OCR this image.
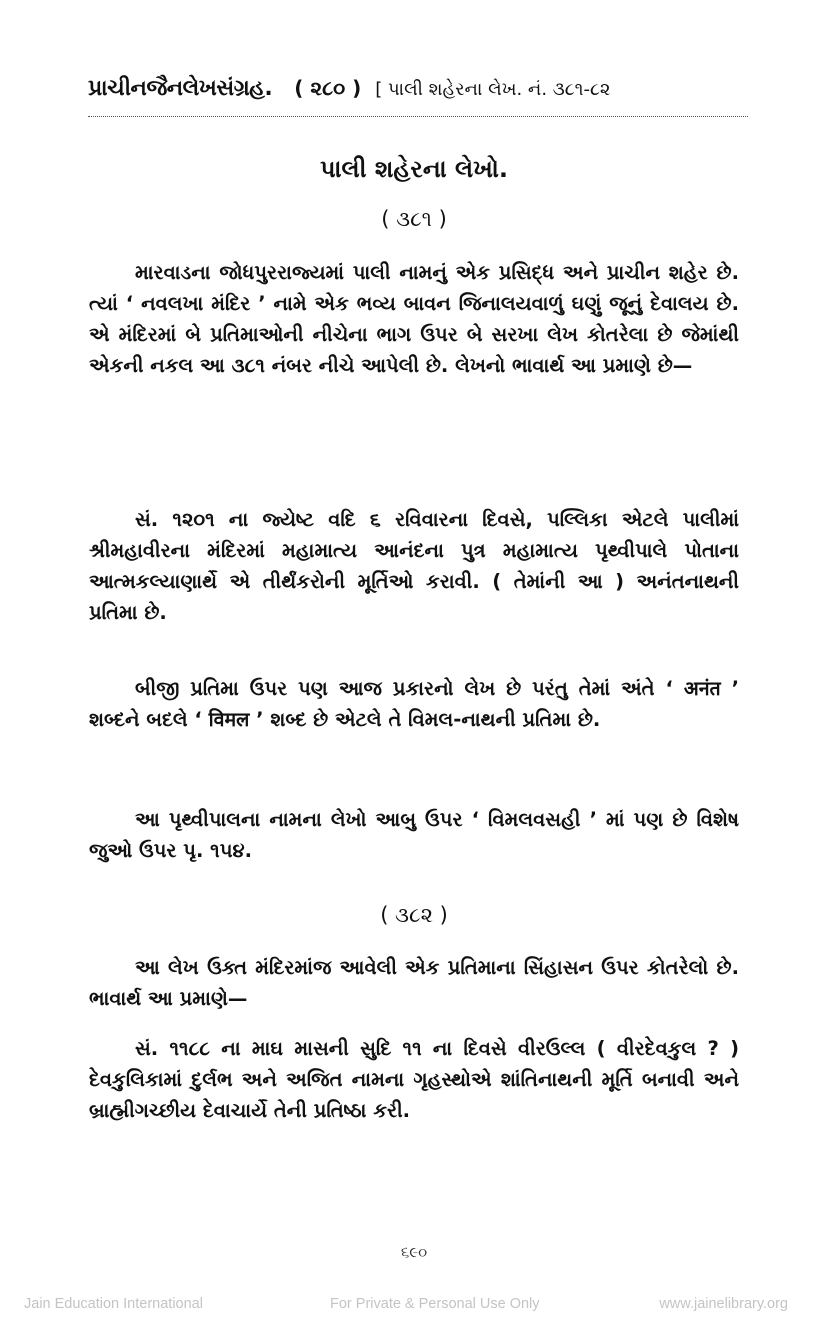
પ્રાચીનજૈનલેખસંગ્રહ. ( ૨૮૦ ) [ પાલી શહેરના લેખ. નં. ૩૮૧-૮૨
પાલી શહેરના લેખો.
( ૩૮૧ )
મારવાડના જોધપુરરાજ્યમાં પાલી નામનું એક પ્રસિદ્ધ અને પ્રાચીન શહેર છે. ત્યાં ‘ નવલખા મંદિર ’ નામે એક ભવ્ય બાવન જિનાલયવાળું ઘણું જૂનું દેવાલય છે. એ મંદિરમાં બે પ્રતિમાઓની નીચેના ભાગ ઉપર બે સરખા લેખ કોતરેલા છે જેમાંથી એકની નકલ આ ૩૮૧ નંબર નીચે આપેલી છે. લેખનો ભાવાર્થ આ પ્રમાણે છે—
સં. ૧૨૦૧ ના જ્યેષ્ટ વદિ ૬ રવિવારના દિવસે, પલ્લિકા એટલે પાલીમાં શ્રીમહાવીરના મંદિરમાં મહામાત્ય આનંદના પુત્ર મહામાત્ય પૃથ્વીપાલે પોતાના આત્મકલ્યાણાર્થે એ તીર્થંકરોની મૂર્તિઓ કરાવી. ( તેમાંની આ ) અનંતનાથની પ્રતિમા છે.
બીજી પ્રતિમા ઉપર પણ આજ પ્રકારનો લેખ છે પરંતુ તેમાં અંતે ‘ अनंत ’ શબ્દને બદલે ‘ विमल ’ શબ્દ છે એટલે તે વિમલ-નાથની પ્રતિમા છે.
આ પૃથ્વીપાલના નામના લેખો આબુ ઉપર ‘ વિમલવસહી ’ માં પણ છે વિશેષ જુઓ ઉપર પૃ. ૧૫૪.
( ૩૮૨ )
આ લેખ ઉક્ત મંદિરમાંજ આવેલી એક પ્રતિમાના સિંહાસન ઉપર કોતરેલો છે. ભાવાર્થ આ પ્રમાણે—
સં. ૧૧૮૮ ના માઘ માસની સુદિ ૧૧ ના દિવસે વીરઉલ્લ ( વીરદેવકુલ ? ) દેવકુલિકામાં દુર્લભ અને અજિત નામના ગૃહસ્થોએ શાંતિનાથની મૂર્તિ બનાવી અને બ્રાહ્મીગચ્છીય દેવાચાર્યે તેની પ્રતિષ્ઠા કરી.
૬૯૦
Jain Education International	For Private & Personal Use Only	www.jainelibrary.org
